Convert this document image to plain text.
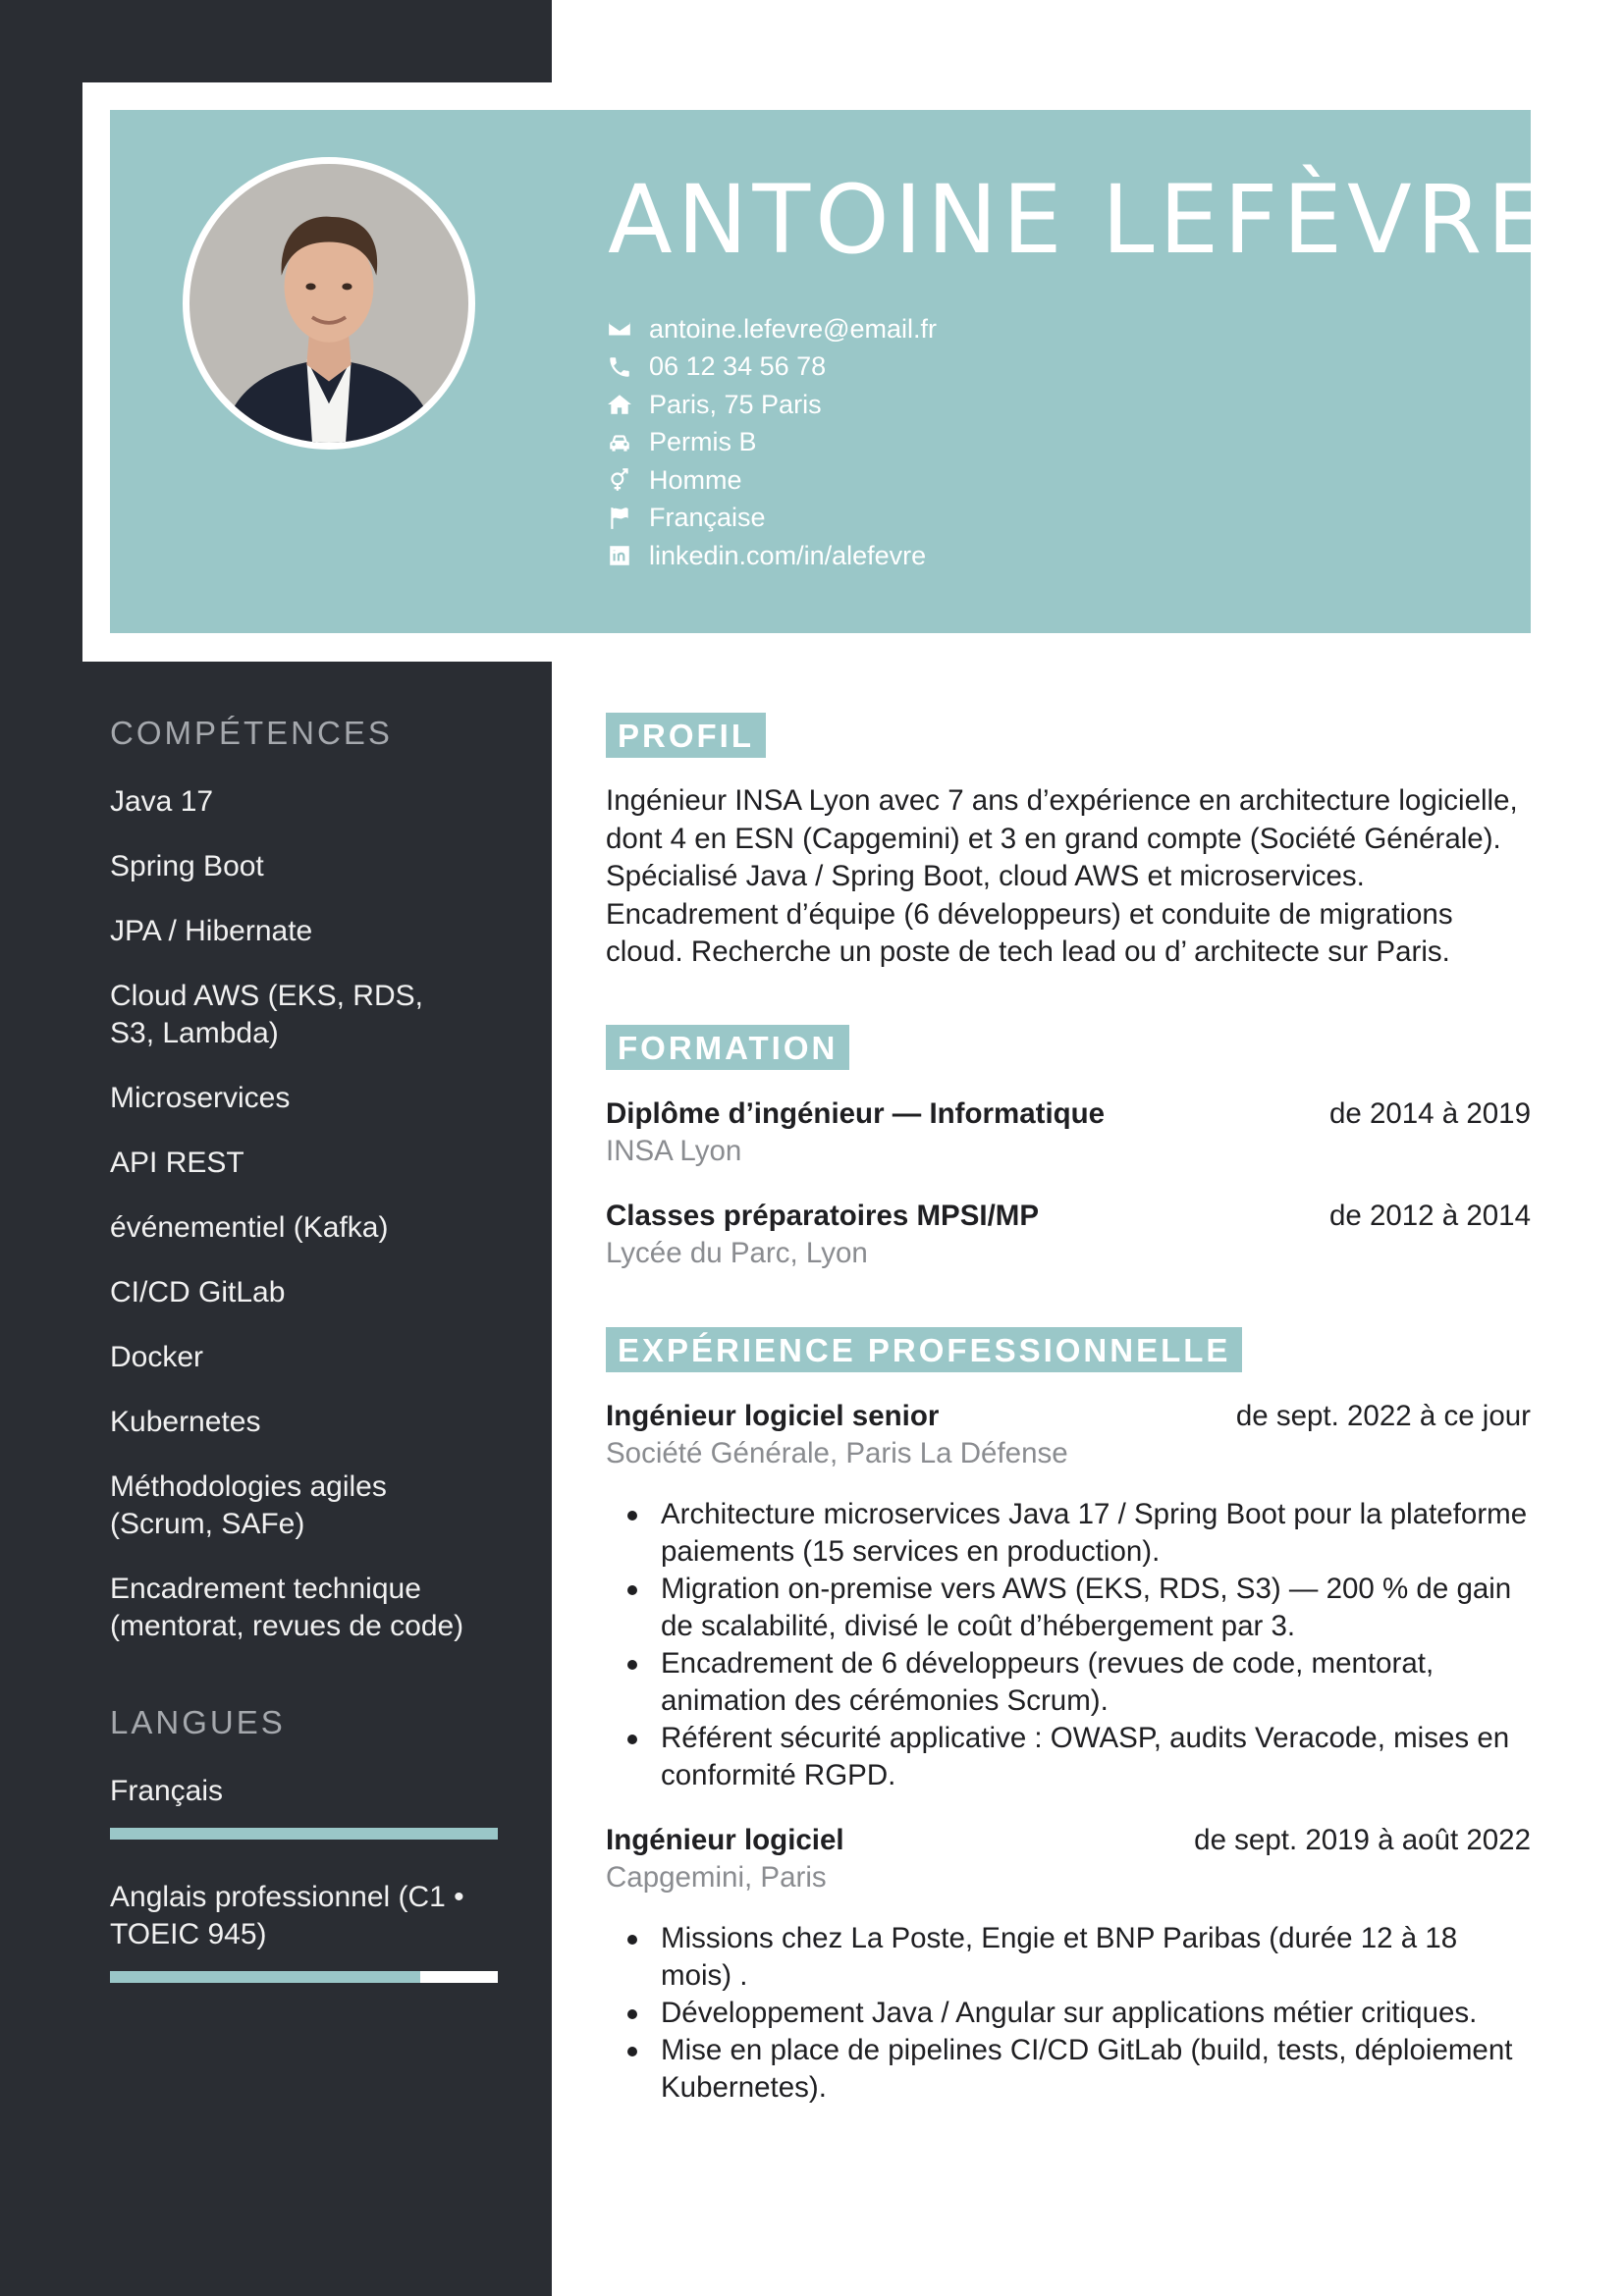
ANTOINE LEFÈVRE
antoine.lefevre@email.fr
06 12 34 56 78
Paris, 75 Paris
Permis B
Homme
Française
linkedin.com/in/alefevre
COMPÉTENCES
Java 17
Spring Boot
JPA / Hibernate
Cloud AWS (EKS, RDS, S3, Lambda)
Microservices
API REST
événementiel (Kafka)
CI/CD GitLab
Docker
Kubernetes
Méthodologies agiles (Scrum, SAFe)
Encadrement technique (mentorat, revues de code)
LANGUES
Français
Anglais professionnel (C1 • TOEIC 945)
PROFIL

Ingénieur INSA Lyon avec 7 ans d’expérience en architecture logicielle, dont 4 en ESN (Capgemini) et 3 en grand compte (Société Générale). Spécialisé Java / Spring Boot, cloud AWS et microservices. Encadrement d’équipe (6 développeurs) et conduite de migrations cloud. Recherche un poste de tech lead ou d’ architecte sur Paris.

FORMATION
Diplôme d’ingénieur — Informatique	de 2014 à 2019
INSA Lyon
Classes préparatoires MPSI/MP	de 2012 à 2014
Lycée du Parc, Lyon
EXPÉRIENCE PROFESSIONNELLE
Ingénieur logiciel senior	de sept. 2022 à ce jour
Société Générale, Paris La Défense
Architecture microservices Java 17 / Spring Boot pour la plateforme paiements (15 services en production).
Migration on-premise vers AWS (EKS, RDS, S3) — 200 % de gain de scalabilité, divisé le coût d’hébergement par 3.
Encadrement de 6 développeurs (revues de code, mentorat, animation des cérémonies Scrum).
Référent sécurité applicative : OWASP, audits Veracode, mises en conformité RGPD.
Ingénieur logiciel	de sept. 2019 à août 2022
Capgemini, Paris
Missions chez La Poste, Engie et BNP Paribas (durée 12 à 18 mois) .
Développement Java / Angular sur applications métier critiques.
Mise en place de pipelines CI/CD GitLab (build, tests, déploiement Kubernetes).
